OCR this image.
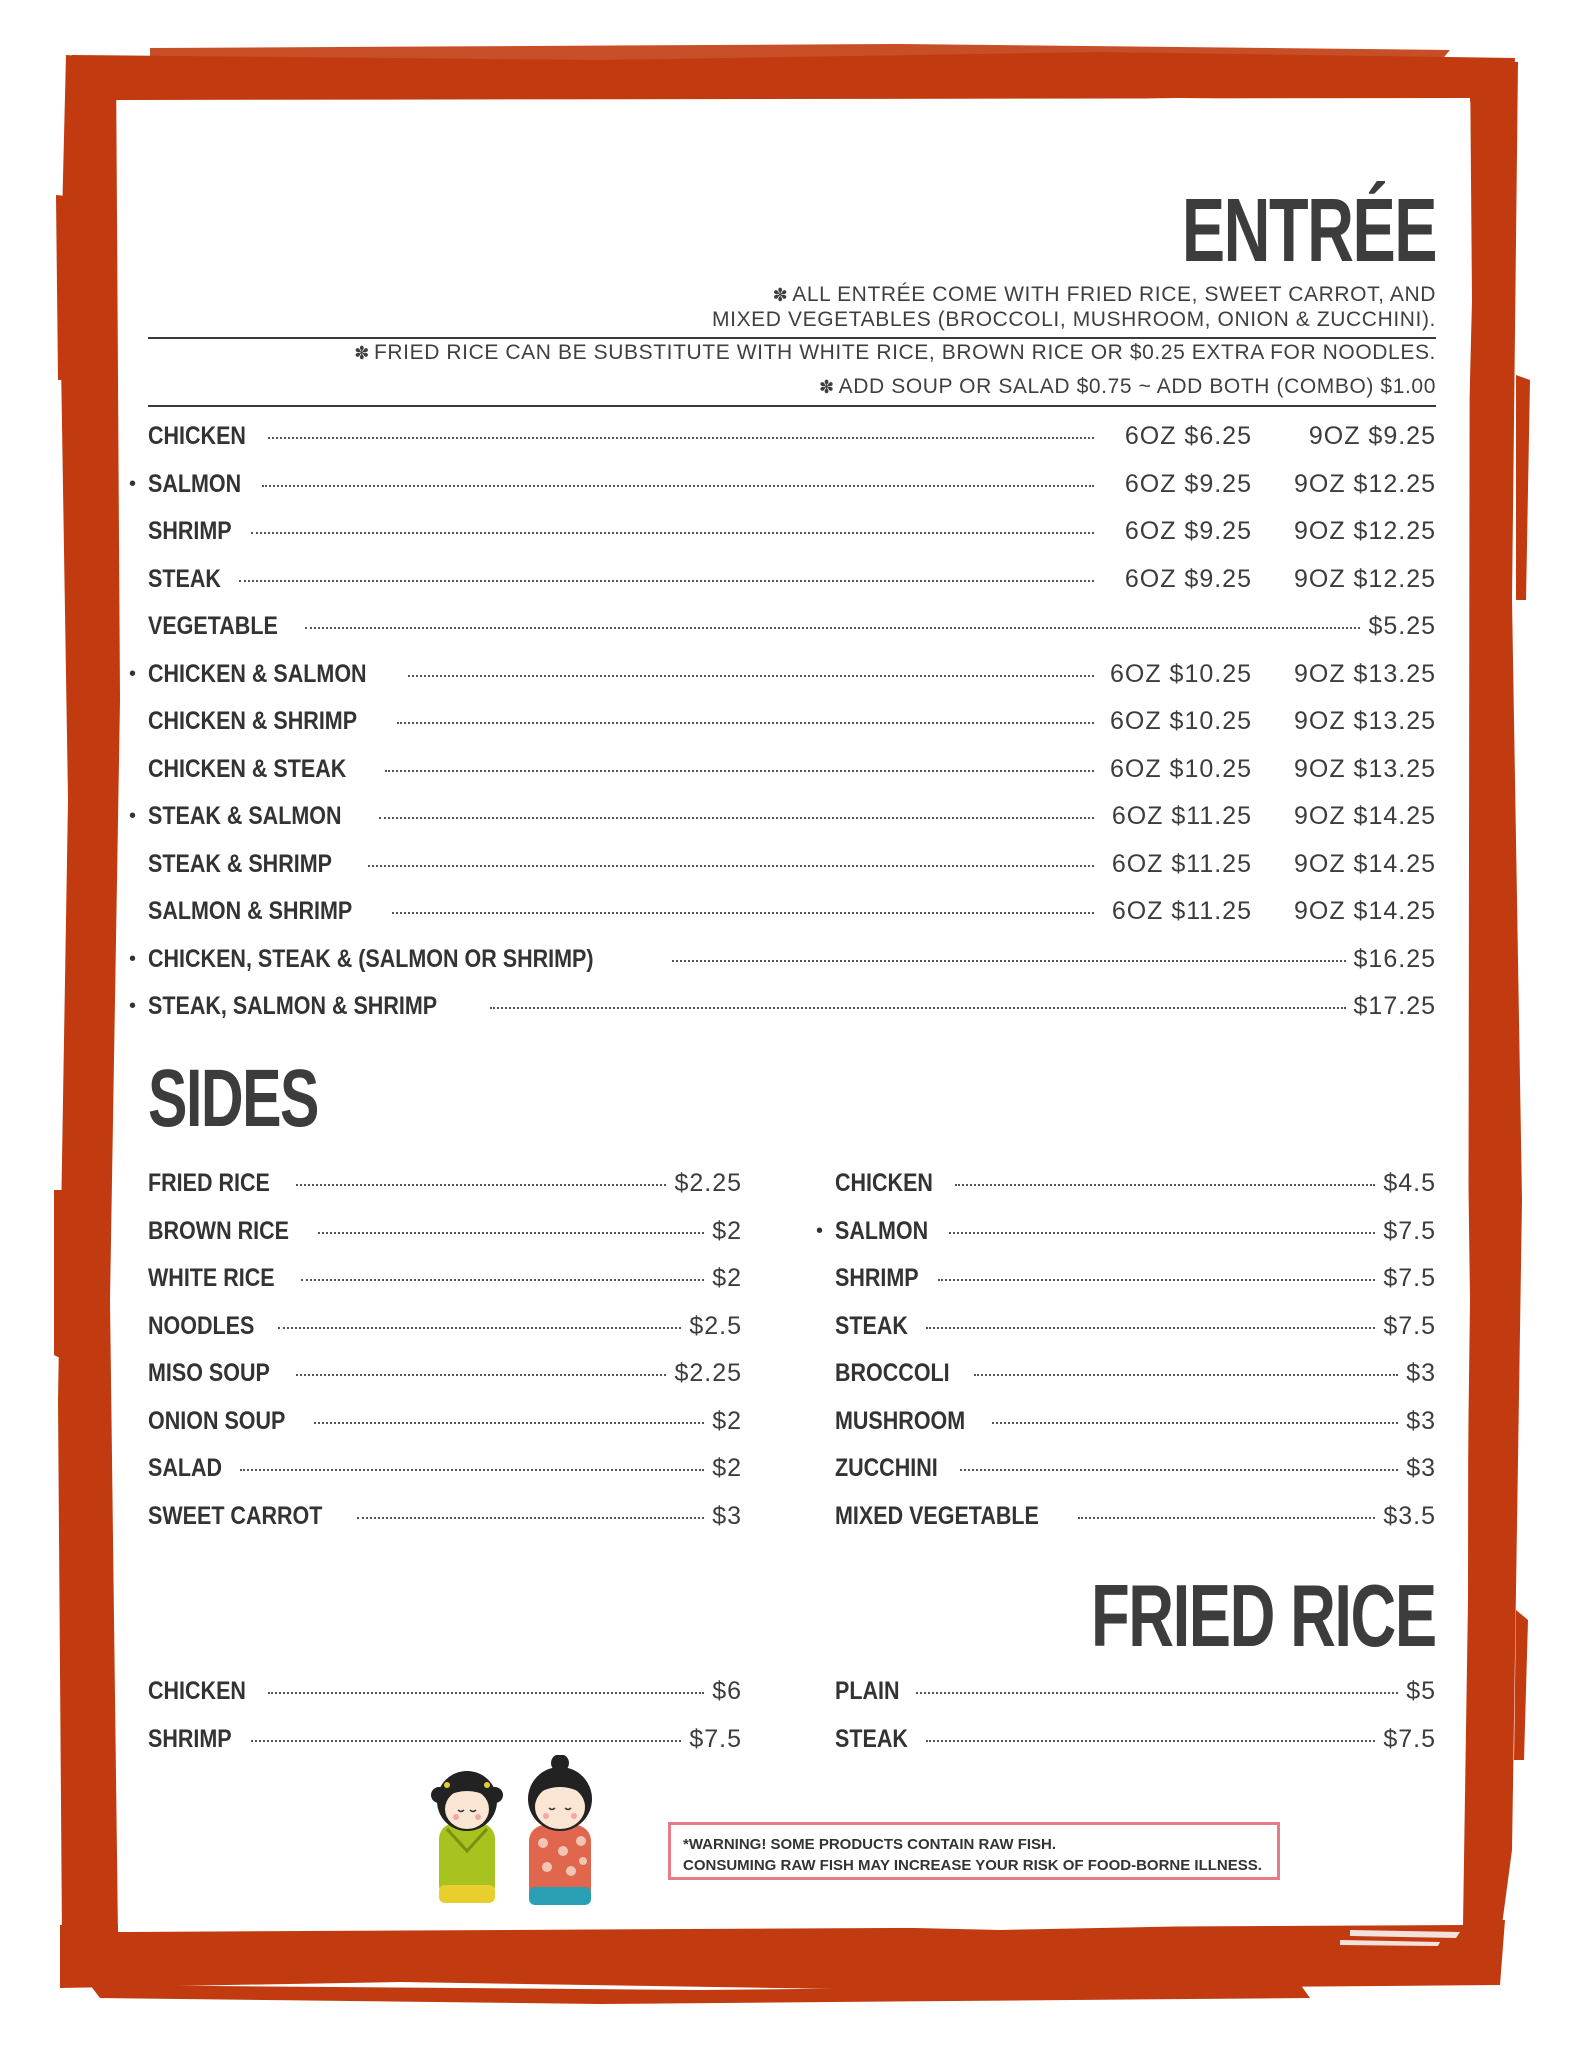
ENTRÉE
✽ ALL ENTRÉE COME WITH FRIED RICE, SWEET CARROT, AND
MIXED VEGETABLES (BROCCOLI, MUSHROOM, ONION & ZUCCHINI).
✽ FRIED RICE CAN BE SUBSTITUTE WITH WHITE RICE, BROWN RICE OR $0.25 EXTRA FOR NOODLES.
✽ ADD SOUP OR SALAD $0.75 ~ ADD BOTH (COMBO) $1.00
CHICKEN	6OZ $6.25 9OZ $9.25
• SALMON	6OZ $9.25 9OZ $12.25
SHRIMP	6OZ $9.25 9OZ $12.25
STEAK	6OZ $9.25 9OZ $12.25
VEGETABLE	$5.25
• CHICKEN & SALMON	6OZ $10.25 9OZ $13.25
CHICKEN & SHRIMP	6OZ $10.25 9OZ $13.25
CHICKEN & STEAK	6OZ $10.25 9OZ $13.25
• STEAK & SALMON	6OZ $11.25 9OZ $14.25
STEAK & SHRIMP	6OZ $11.25 9OZ $14.25
SALMON & SHRIMP	6OZ $11.25 9OZ $14.25
• CHICKEN, STEAK & (SALMON OR SHRIMP)	$16.25
• STEAK, SALMON & SHRIMP	$17.25
SIDES
FRIED RICE	$2.25
BROWN RICE	$2
WHITE RICE	$2
NOODLES	$2.5
MISO SOUP	$2.25
ONION SOUP	$2
SALAD	$2
SWEET CARROT	$3
CHICKEN	$4.5
• SALMON	$7.5
SHRIMP	$7.5
STEAK	$7.5
BROCCOLI	$3
MUSHROOM	$3
ZUCCHINI	$3
MIXED VEGETABLE	$3.5
FRIED RICE
CHICKEN	$6
SHRIMP	$7.5
PLAIN	$5
STEAK	$7.5
*WARNING! SOME PRODUCTS CONTAIN RAW FISH.
CONSUMING RAW FISH MAY INCREASE YOUR RISK OF FOOD-BORNE ILLNESS.
